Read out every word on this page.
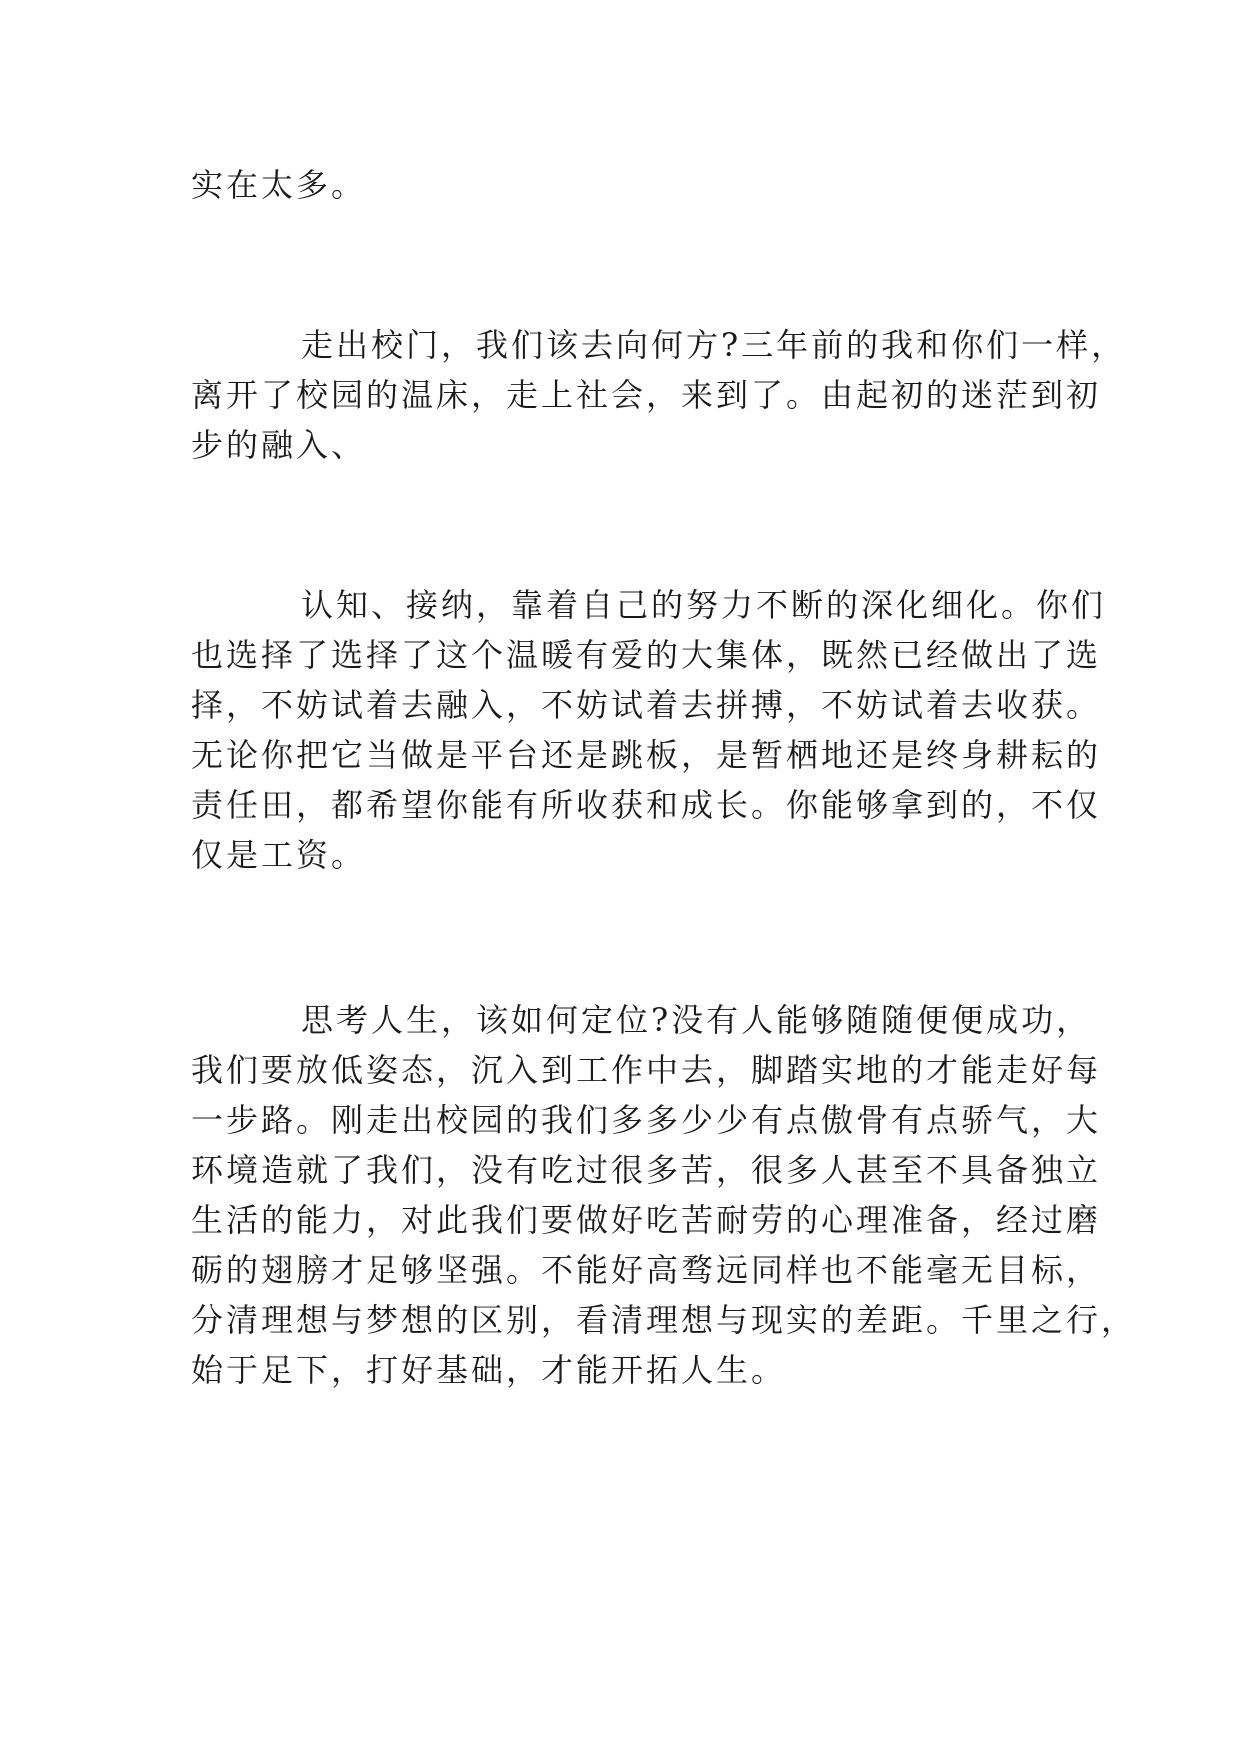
实在太多。
走出校门，我们该去向何方?三年前的我和你们一样，
离开了校园的温床，走上社会，来到了。由起初的迷茫到初
步的融入、
认知、接纳，靠着自己的努力不断的深化细化。你们
也选择了选择了这个温暖有爱的大集体，既然已经做出了选
择，不妨试着去融入，不妨试着去拼搏，不妨试着去收获。
无论你把它当做是平台还是跳板，是暂栖地还是终身耕耘的
责任田，都希望你能有所收获和成长。你能够拿到的，不仅
仅是工资。
思考人生，该如何定位?没有人能够随随便便成功，
我们要放低姿态，沉入到工作中去，脚踏实地的才能走好每
一步路。刚走出校园的我们多多少少有点傲骨有点骄气，大
环境造就了我们，没有吃过很多苦，很多人甚至不具备独立
生活的能力，对此我们要做好吃苦耐劳的心理准备，经过磨
砺的翅膀才足够坚强。不能好高骛远同样也不能毫无目标，
分清理想与梦想的区别，看清理想与现实的差距。千里之行，
始于足下，打好基础，才能开拓人生。
